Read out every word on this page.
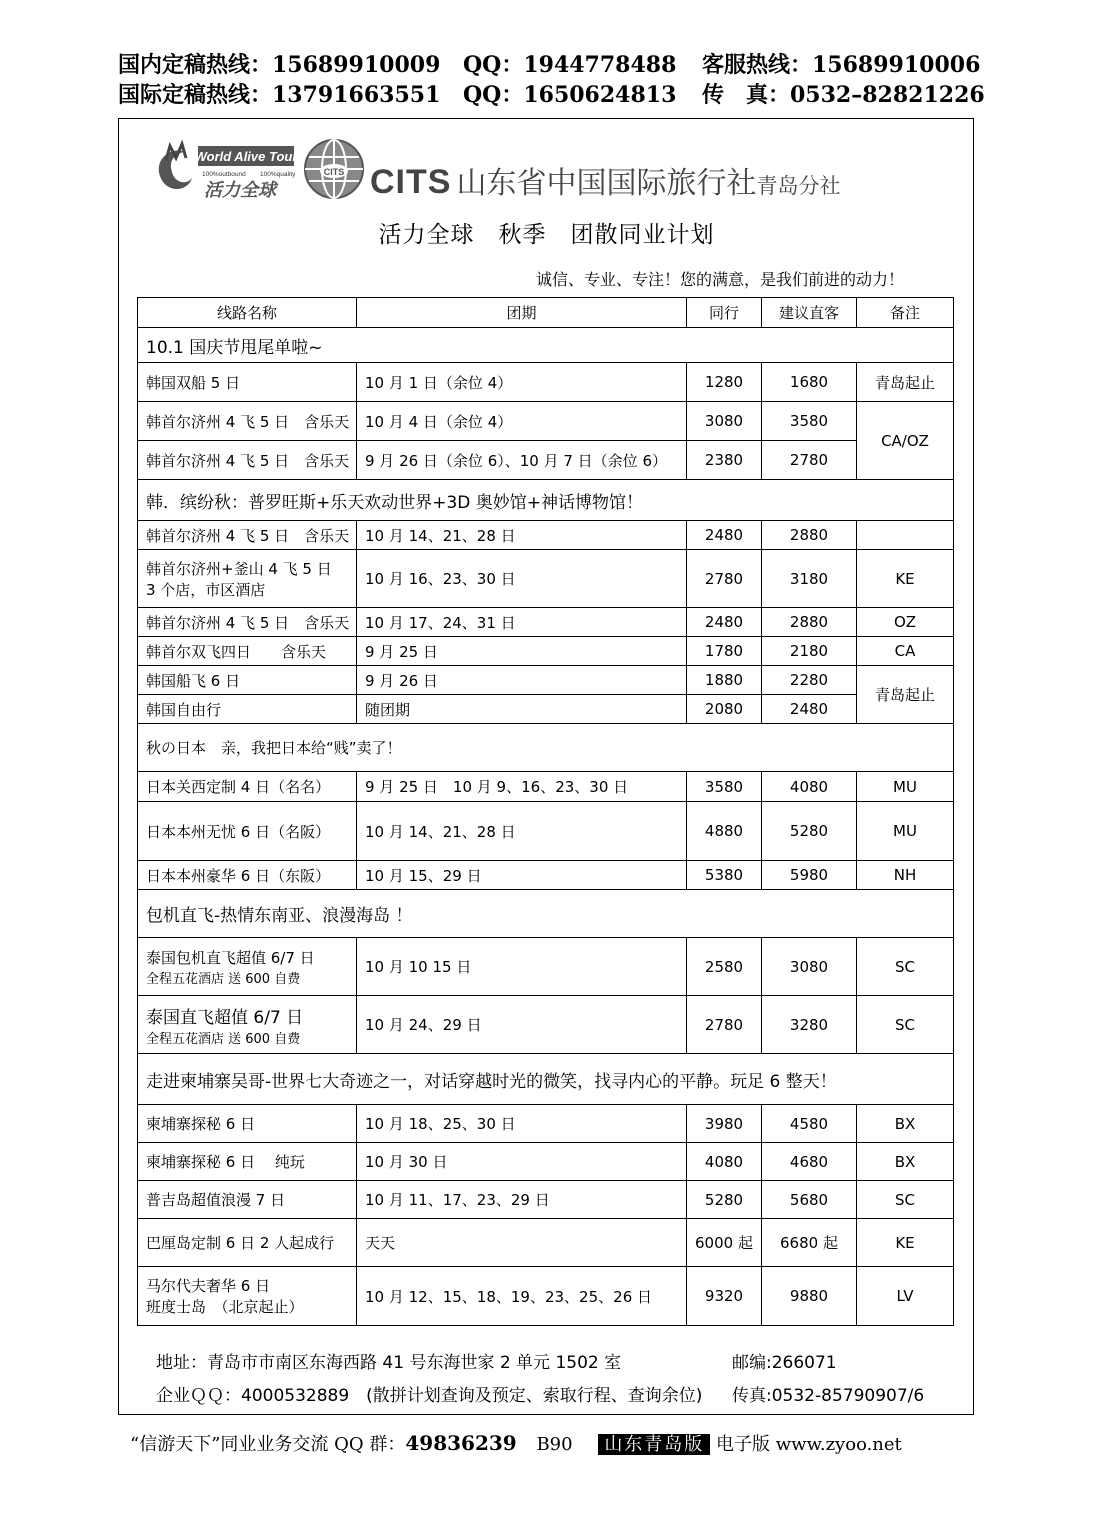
国内定稿热线：15689910009 QQ：1944778488 客服热线：15689910006
国际定稿热线：13791663551 QQ：1650624813 传　真：0532–82821226
World Alive Tour
100%outbound 100%quality
活力全球
CITS CITS 山东省中国国际旅行社青岛分社
活力全球　秋季　团散同业计划
诚信、专业、专注！您的满意，是我们前进的动力！
线路名称	团期	同行	建议直客	备注
10.1 国庆节甩尾单啦~				
韩国双船 5 日	10 月 1 日（余位 4）	1280	1680	青岛起止
韩首尔济州 4 飞 5 日　含乐天	10 月 4 日（余位 4）	3080	3580	CA/OZ
韩首尔济州 4 飞 5 日　含乐天	9 月 26 日（余位 6）、10 月 7 日（余位 6）	2380	2780	
韩．缤纷秋：普罗旺斯+乐天欢动世界+3D 奥妙馆+神话博物馆！				
韩首尔济州 4 飞 5 日　含乐天	10 月 14、21、28 日	2480	2880	

韩首尔济州+釜山 4 飞 5 日
3 个店，市区酒店	10 月 16、23、30 日	2780	3180	KE
韩首尔济州 4 飞 5 日　含乐天	10 月 17、24、31 日	2480	2880	OZ
韩首尔双飞四日　　含乐天	9 月 25 日	1780	2180	CA
韩国船飞 6 日	9 月 26 日	1880	2280	青岛起止
韩国自由行	随团期	2080	2480	
秋の日本　亲，我把日本给“贱”卖了！				
日本关西定制 4 日（名名）	9 月 25 日　10 月 9、16、23、30 日	3580	4080	MU
日本本州无忧 6 日（名阪）	10 月 14、21、28 日	4880	5280	MU
日本本州豪华 6 日（东阪）	10 月 15、29 日	5380	5980	NH
包机直飞-热情东南亚、浪漫海岛 ！				

泰国包机直飞超值 6/7 日
全程五花酒店 送 600 自费	10 月 10 15 日	2580	3080	SC

泰国直飞超值 6/7 日
全程五花酒店 送 600 自费	10 月 24、29 日	2780	3280	SC
走进柬埔寨吴哥-世界七大奇迹之一，对话穿越时光的微笑，找寻内心的平静。玩足 6 整天！				
柬埔寨探秘 6 日	10 月 18、25、30 日	3980	4580	BX
柬埔寨探秘 6 日　 纯玩	10 月 30 日	4080	4680	BX
普吉岛超值浪漫 7 日	10 月 11、17、23、29 日	5280	5680	SC
巴厘岛定制 6 日 2 人起成行	天天	6000 起	6680 起	KE

马尔代夫奢华 6 日
班度士岛　（北京起止）	10 月 12、15、18、19、23、25、26 日	9320	9880	LV
地址：青岛市市南区东海西路 41 号东海世家 2 单元 1502 室	邮编:266071
企业ＱＱ：4000532889　(散拼计划查询及预定、索取行程、查询余位) 传真:0532-85790907/6
“信游天下”同业业务交流 QQ 群：49836239 B90 山东青岛版 电子版 www.zyoo.net
